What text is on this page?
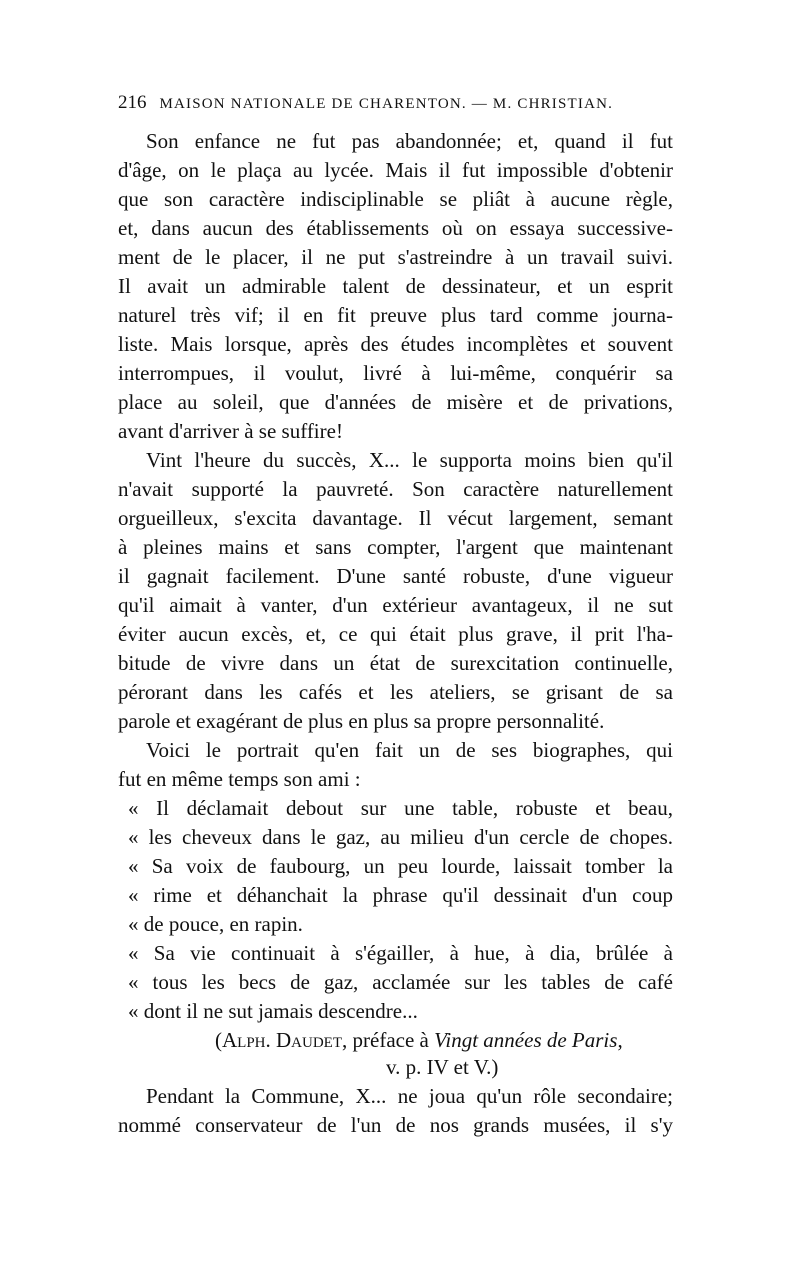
216 MAISON NATIONALE DE CHARENTON. — M. CHRISTIAN.
Son enfance ne fut pas abandonnée; et, quand il fut
d'âge, on le plaça au lycée. Mais il fut impossible d'obtenir
que son caractère indisciplinable se pliât à aucune règle,
et, dans aucun des établissements où on essaya successive-
ment de le placer, il ne put s'astreindre à un travail suivi.
Il avait un admirable talent de dessinateur, et un esprit
naturel très vif; il en fit preuve plus tard comme journa-
liste. Mais lorsque, après des études incomplètes et souvent
interrompues, il voulut, livré à lui-même, conquérir sa
place au soleil, que d'années de misère et de privations,
avant d'arriver à se suffire!
Vint l'heure du succès, X... le supporta moins bien qu'il
n'avait supporté la pauvreté. Son caractère naturellement
orgueilleux, s'excita davantage. Il vécut largement, semant
à pleines mains et sans compter, l'argent que maintenant
il gagnait facilement. D'une santé robuste, d'une vigueur
qu'il aimait à vanter, d'un extérieur avantageux, il ne sut
éviter aucun excès, et, ce qui était plus grave, il prit l'ha-
bitude de vivre dans un état de surexcitation continuelle,
pérorant dans les cafés et les ateliers, se grisant de sa
parole et exagérant de plus en plus sa propre personnalité.
Voici le portrait qu'en fait un de ses biographes, qui
fut en même temps son ami :
« Il déclamait debout sur une table, robuste et beau,
« les cheveux dans le gaz, au milieu d'un cercle de chopes.
« Sa voix de faubourg, un peu lourde, laissait tomber la
« rime et déhanchait la phrase qu'il dessinait d'un coup
« de pouce, en rapin.
« Sa vie continuait à s'égailler, à hue, à dia, brûlée à
« tous les becs de gaz, acclamée sur les tables de café
« dont il ne sut jamais descendre...
(Alph. Daudet, préface à Vingt années de Paris,
v. p. IV et V.)
Pendant la Commune, X... ne joua qu'un rôle secondaire;
nommé conservateur de l'un de nos grands musées, il s'y
